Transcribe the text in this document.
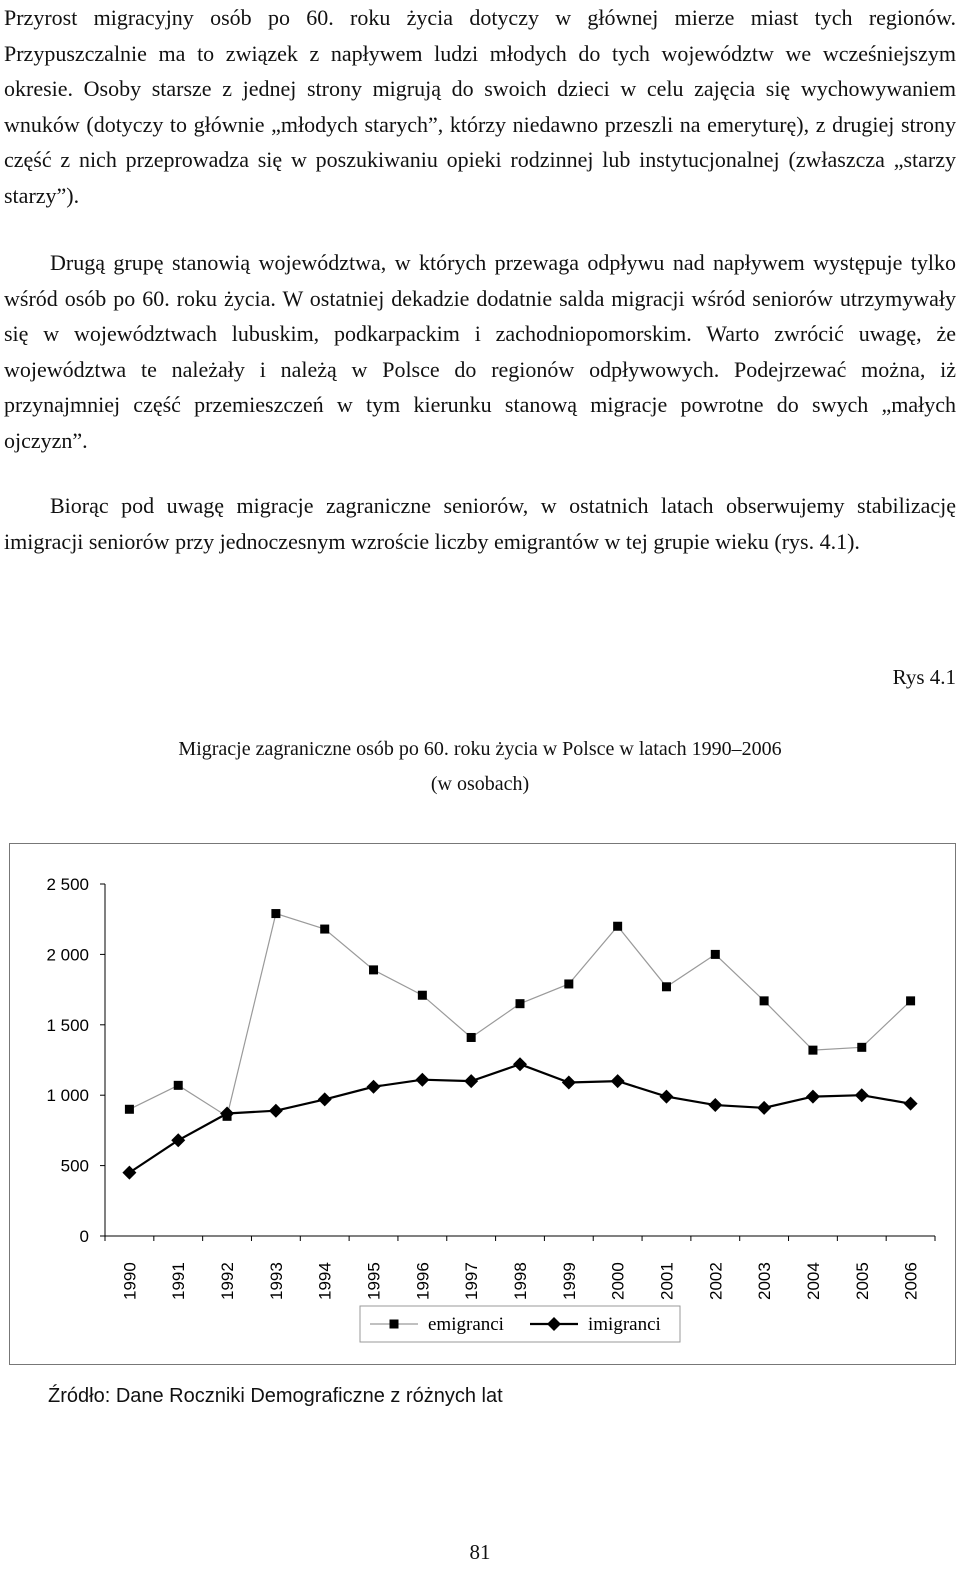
Przyrost migracyjny osób po 60. roku życia dotyczy w głównej mierze miast tych regionów. Przypuszczalnie ma to związek z napływem ludzi młodych do tych województw we wcześniejszym okresie. Osoby starsze z jednej strony migrują do swoich dzieci w celu zajęcia się wychowywaniem wnuków (dotyczy to głównie „młodych starych”, którzy niedawno przeszli na emeryturę), z drugiej strony część z nich przeprowadza się w poszukiwaniu opieki rodzinnej lub instytucjonalnej (zwłaszcza „starzy starzy”).

Drugą grupę stanowią województwa, w których przewaga odpływu nad napływem występuje tylko wśród osób po 60. roku życia. W ostatniej dekadzie dodatnie salda migracji wśród seniorów utrzymywały się w województwach lubuskim, podkarpackim i zachodniopomorskim. Warto zwrócić uwagę, że województwa te należały i należą w Polsce do regionów odpływowych. Podejrzewać można, iż przynajmniej część przemieszczeń w tym kierunku stanową migracje powrotne do swych „małych ojczyzn”.

Biorąc pod uwagę migracje zagraniczne seniorów, w ostatnich latach obserwujemy stabilizację imigracji seniorów przy jednoczesnym wzroście liczby emigrantów w tej grupie wieku (rys. 4.1).

Rys 4.1
Migracje zagraniczne osób po 60. roku życia w Polsce w latach 1990–2006
(w osobach)
0
500
1 000
1 500
2 000
2 500
1990 1991 1992 1993 1994 1995 1996 1997 1998 1999 2000 2001 2002 2003 2004 2005 2006
emigranci	imigranci
Źródło: Dane Roczniki Demograficzne z różnych lat
81
